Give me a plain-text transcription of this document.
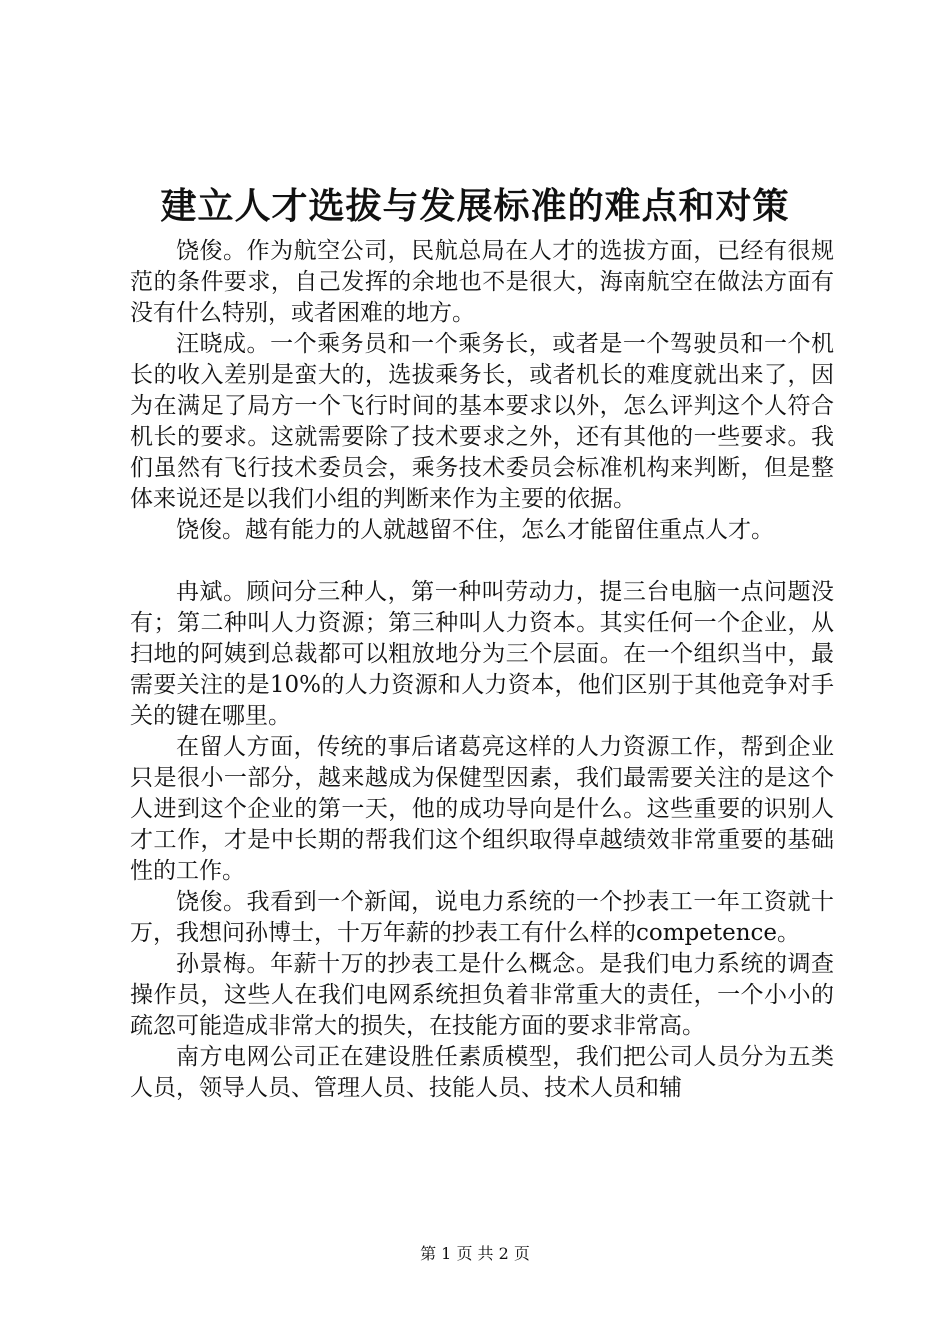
建立人才选拔与发展标准的难点和对策

饶俊。作为航空公司，民航总局在人才的选拔方面，已经有很规范的条件要求，自己发挥的余地也不是很大，海南航空在做法方面有没有什么特别，或者困难的地方。

汪晓成。一个乘务员和一个乘务长，或者是一个驾驶员和一个机长的收入差别是蛮大的，选拔乘务长，或者机长的难度就出来了，因为在满足了局方一个飞行时间的基本要求以外，怎么评判这个人符合机长的要求。这就需要除了技术要求之外，还有其他的一些要求。我们虽然有飞行技术委员会，乘务技术委员会标准机构来判断，但是整体来说还是以我们小组的判断来作为主要的依据。

饶俊。越有能力的人就越留不住，怎么才能留住重点人才。

冉斌。顾问分三种人，第一种叫劳动力，提三台电脑一点问题没有；第二种叫人力资源；第三种叫人力资本。其实任何一个企业，从扫地的阿姨到总裁都可以粗放地分为三个层面。在一个组织当中，最需要关注的是10%的人力资源和人力资本，他们区别于其他竞争对手关的键在哪里。

在留人方面，传统的事后诸葛亮这样的人力资源工作，帮到企业只是很小一部分，越来越成为保健型因素，我们最需要关注的是这个人进到这个企业的第一天，他的成功导向是什么。这些重要的识别人才工作，才是中长期的帮我们这个组织取得卓越绩效非常重要的基础性的工作。

饶俊。我看到一个新闻，说电力系统的一个抄表工一年工资就十万，我想问孙博士，十万年薪的抄表工有什么样的competence。

孙景梅。年薪十万的抄表工是什么概念。是我们电力系统的调查操作员，这些人在我们电网系统担负着非常重大的责任，一个小小的疏忽可能造成非常大的损失，在技能方面的要求非常高。

南方电网公司正在建设胜任素质模型，我们把公司人员分为五类人员，领导人员、管理人员、技能人员、技术人员和辅

第 1 页 共 2 页
